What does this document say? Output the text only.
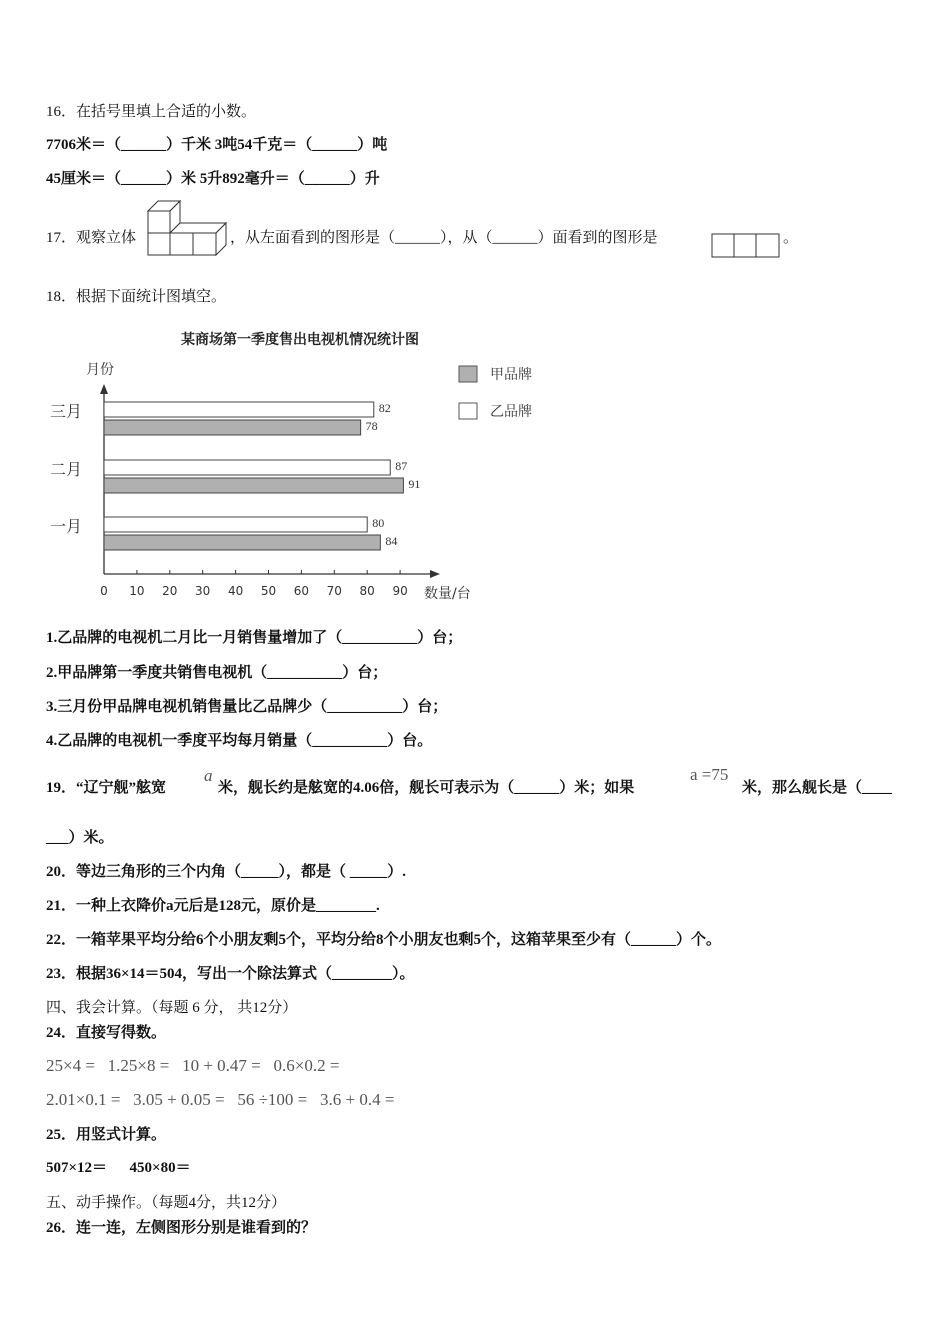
16．在括号里填上合适的小数。
7706米＝（______）千米 3吨54千克＝（______）吨
45厘米＝（______）米 5升892毫升＝（______）升
17．观察立体	，从左面看到的图形是（______），从（______）面看到的图形是	。
18．根据下面统计图填空。
某商场第一季度售出电视机情况统计图
月份
数量/台
82
78
87
91
80
84
0 10 20 30 40 50 60 70 80 90
三月
二月
一月
甲品牌
乙品牌
1.乙品牌的电视机二月比一月销售量增加了（__________）台；
2.甲品牌第一季度共销售电视机（__________）台；
3.三月份甲品牌电视机销售量比乙品牌少（__________）台；
4.乙品牌的电视机一季度平均每月销量（__________）台。
19．“辽宁舰”舷宽
a
米，舰长约是舷宽的4.06倍，舰长可表示为（______）米；如果
a =75
米，那么舰长是（____
___）米。
20．等边三角形的三个内角（_____），都是（ _____）.
21．一种上衣降价a元后是128元，原价是________.
22．一箱苹果平均分给6个小朋友剩5个，平均分给8个小朋友也剩5个，这箱苹果至少有（______）个。
23．根据36×14＝504，写出一个除法算式（________）。
四、我会计算。（每题 6 分， 共12分）
24．直接写得数。
25×4 =   1.25×8 =   10 + 0.47 =   0.6×0.2 =
2.01×0.1 =   3.05 + 0.05 =   56 ÷100 =   3.6 + 0.4 =
25．用竖式计算。
507×12＝      450×80＝
五、动手操作。（每题4分，共12分）
26．连一连，左侧图形分别是谁看到的？
